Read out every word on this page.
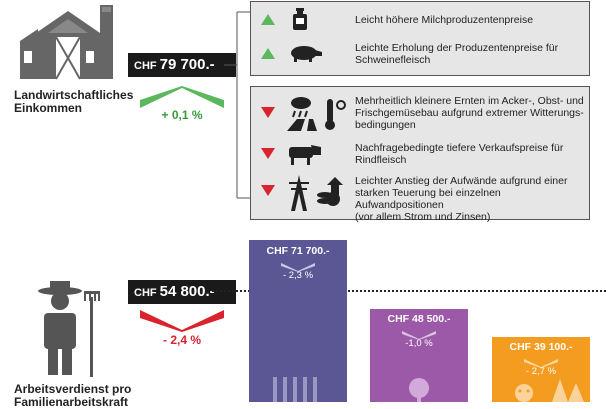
Landwirtschaftliches
Einkommen
CHF 79 700.-
+ 0,1 %
Leicht höhere Milchproduzentenpreise
Leichte Erholung der Produzentenpreise für
Schweinefleisch
Mehrheitlich kleinere Ernten im Acker-, Obst- und
Frischgemüsebau aufgrund extremer Witterungs-
bedingungen
Nachfragebedingte tiefere Verkaufspreise für
Rindfleisch
Leichter Anstieg der Aufwände aufgrund einer
starken Teuerung bei einzelnen Aufwandpositionen
(vor allem Strom und Zinsen)
Arbeitsverdienst pro
Familienarbeitskraft
CHF 54 800.-
- 2,4 %
CHF 71 700.-
- 2,3 %
CHF 48 500.-
-1,0 %	CHF 39 100.-
- 2,7 %
